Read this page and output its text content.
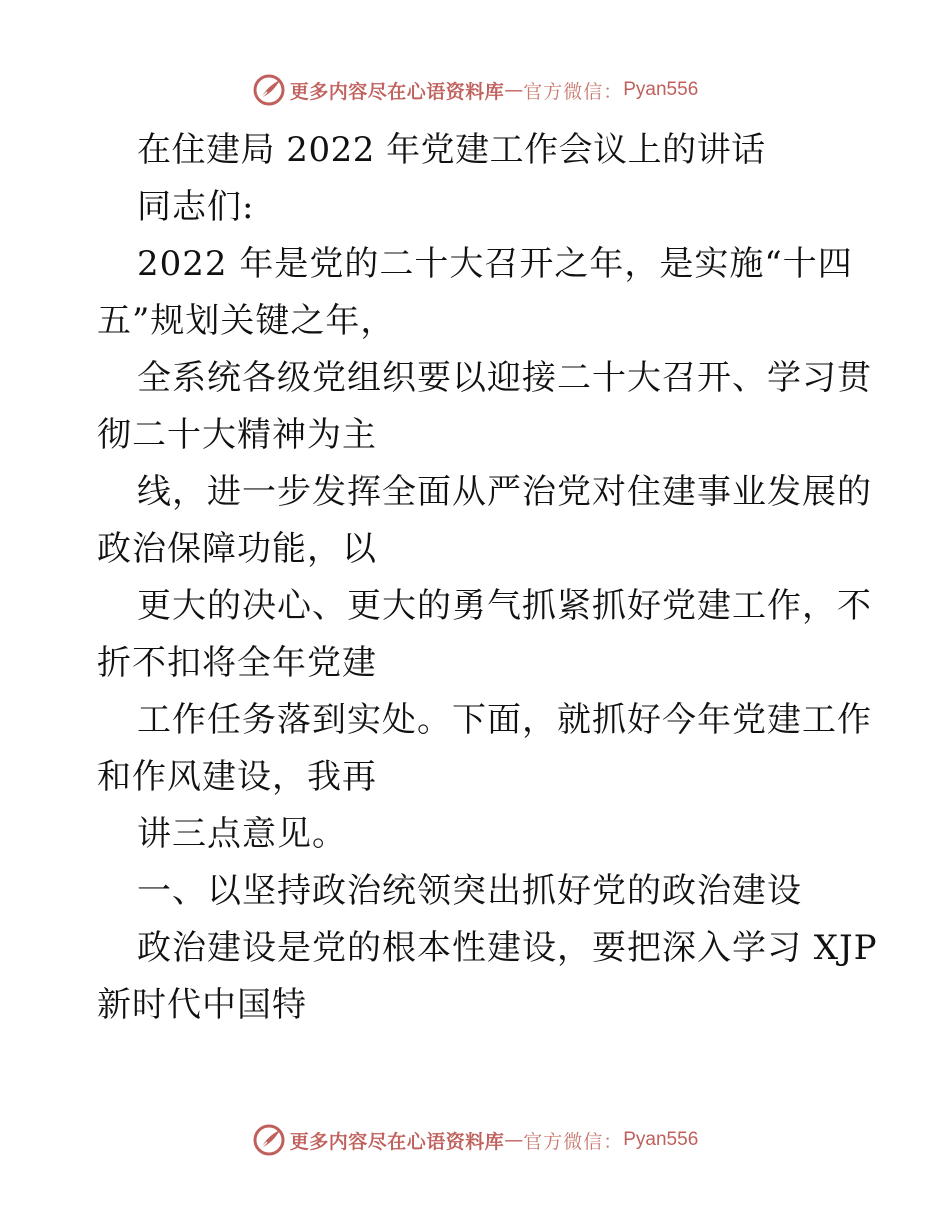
更多内容尽在心语资料库 — 官方微信： Pyan556
在住建局 2022 年党建工作会议上的讲话
同志们:
2022 年是党的二十大召开之年，是实施“十四
五”规划关键之年，
全系统各级党组织要以迎接二十大召开、学习贯
彻二十大精神为主
线，进一步发挥全面从严治党对住建事业发展的
政治保障功能，以
更大的决心、更大的勇气抓紧抓好党建工作，不
折不扣将全年党建
工作任务落到实处。下面，就抓好今年党建工作
和作风建设，我再
讲三点意见。
一、以坚持政治统领突出抓好党的政治建设
政治建设是党的根本性建设，要把深入学习 XJP
新时代中国特
更多内容尽在心语资料库 — 官方微信： Pyan556
